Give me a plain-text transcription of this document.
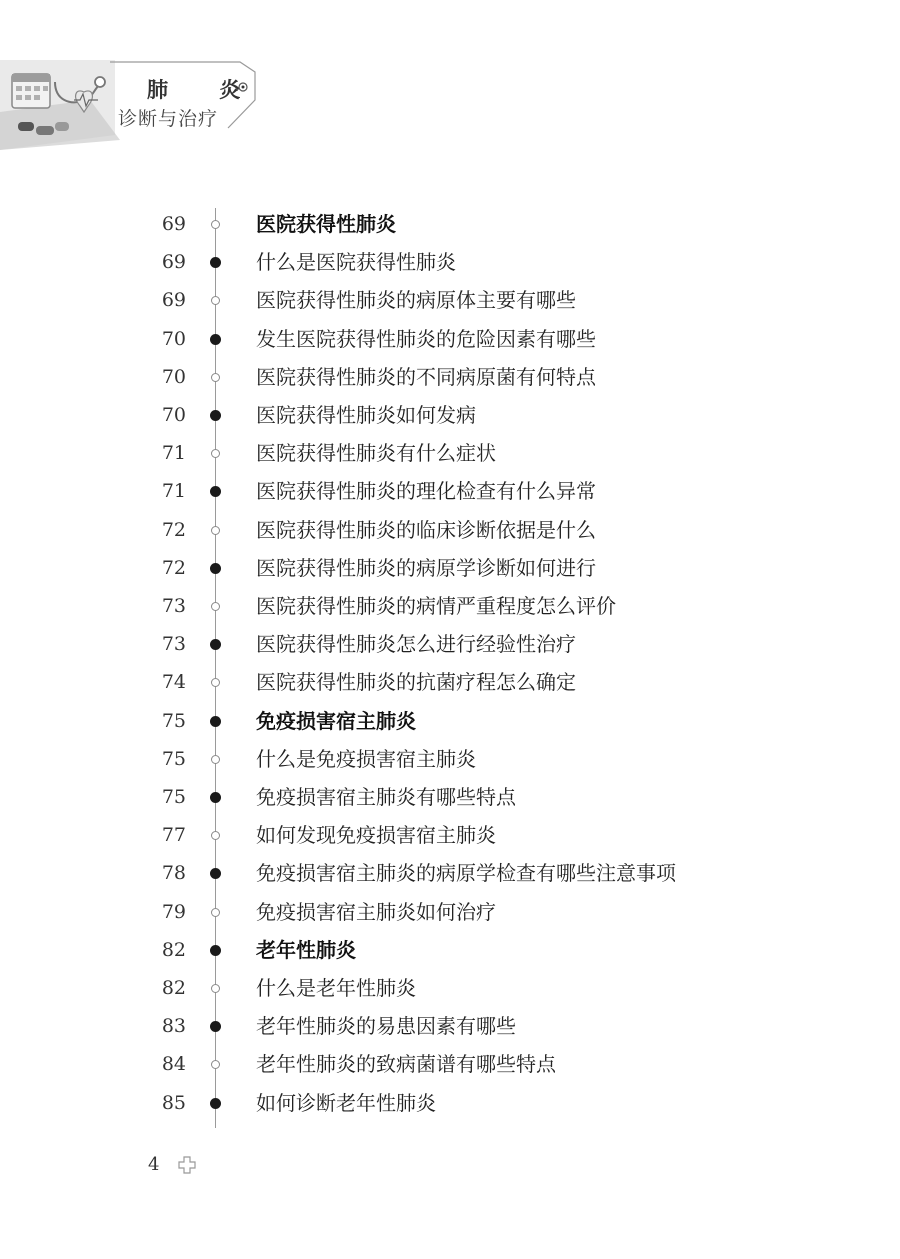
肺 炎
诊断与治疗
69	医院获得性肺炎
69	什么是医院获得性肺炎
69	医院获得性肺炎的病原体主要有哪些
70	发生医院获得性肺炎的危险因素有哪些
70	医院获得性肺炎的不同病原菌有何特点
70	医院获得性肺炎如何发病
71	医院获得性肺炎有什么症状
71	医院获得性肺炎的理化检查有什么异常
72	医院获得性肺炎的临床诊断依据是什么
72	医院获得性肺炎的病原学诊断如何进行
73	医院获得性肺炎的病情严重程度怎么评价
73	医院获得性肺炎怎么进行经验性治疗
74	医院获得性肺炎的抗菌疗程怎么确定
75	免疫损害宿主肺炎
75	什么是免疫损害宿主肺炎
75	免疫损害宿主肺炎有哪些特点
77	如何发现免疫损害宿主肺炎
78	免疫损害宿主肺炎的病原学检查有哪些注意事项
79	免疫损害宿主肺炎如何治疗
82	老年性肺炎
82	什么是老年性肺炎
83	老年性肺炎的易患因素有哪些
84	老年性肺炎的致病菌谱有哪些特点
85	如何诊断老年性肺炎
4
